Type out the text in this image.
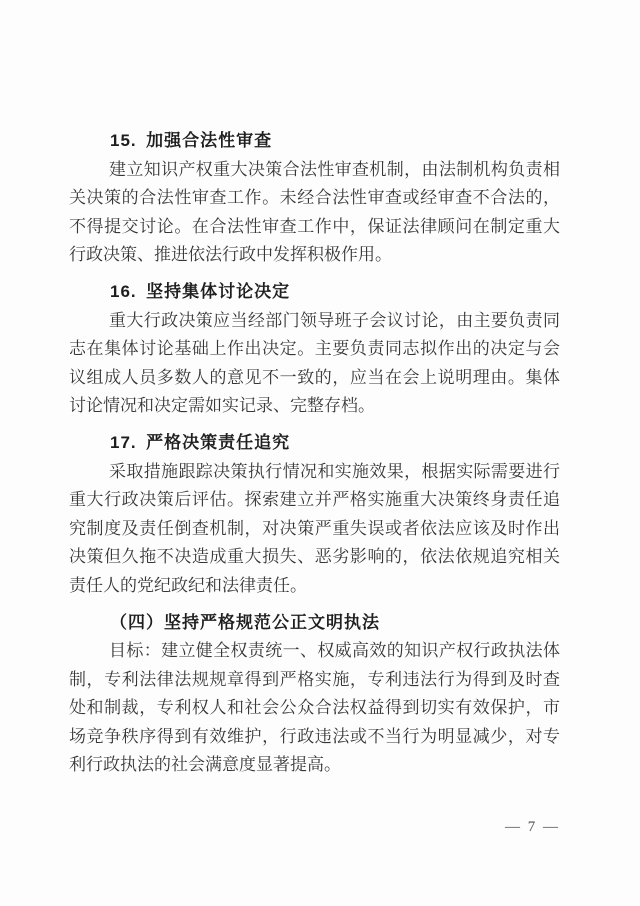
15. 加强合法性审查
建立知识产权重大决策合法性审查机制，由法制机构负责相
关决策的合法性审查工作。未经合法性审查或经审查不合法的，
不得提交讨论。在合法性审查工作中，保证法律顾问在制定重大
行政决策、推进依法行政中发挥积极作用。
16. 坚持集体讨论决定
重大行政决策应当经部门领导班子会议讨论，由主要负责同
志在集体讨论基础上作出决定。主要负责同志拟作出的决定与会
议组成人员多数人的意见不一致的，应当在会上说明理由。集体
讨论情况和决定需如实记录、完整存档。
17. 严格决策责任追究
采取措施跟踪决策执行情况和实施效果，根据实际需要进行
重大行政决策后评估。探索建立并严格实施重大决策终身责任追
究制度及责任倒查机制，对决策严重失误或者依法应该及时作出
决策但久拖不决造成重大损失、恶劣影响的，依法依规追究相关
责任人的党纪政纪和法律责任。
（四）坚持严格规范公正文明执法
目标：建立健全权责统一、权威高效的知识产权行政执法体
制，专利法律法规规章得到严格实施，专利违法行为得到及时查
处和制裁，专利权人和社会公众合法权益得到切实有效保护，市
场竞争秩序得到有效维护，行政违法或不当行为明显减少，对专
利行政执法的社会满意度显著提高。
— 7 —
